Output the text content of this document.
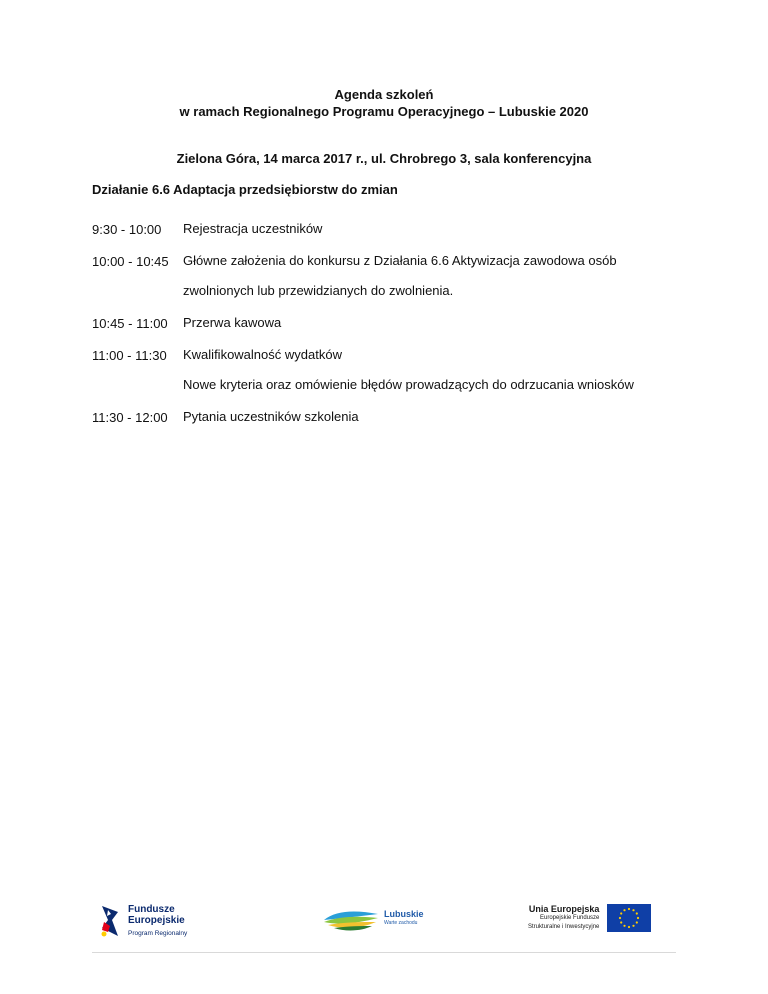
Agenda szkoleń
w ramach Regionalnego Programu Operacyjnego – Lubuskie 2020
Zielona Góra, 14 marca 2017 r., ul. Chrobrego 3, sala konferencyjna
Działanie 6.6 Adaptacja przedsiębiorstw do zmian
9:30 - 10:00	Rejestracja uczestników
10:00 - 10:45	Główne założenia do konkursu z Działania 6.6 Aktywizacja zawodowa osób
zwolnionych lub przewidzianych do zwolnienia.
10:45 - 11:00	Przerwa kawowa
11:00 - 11:30	Kwalifikowalność wydatków
Nowe kryteria oraz omówienie błędów prowadzących do odrzucania wniosków
11:30 - 12:00	Pytania uczestników szkolenia
Fundusze
Europejskie
Program Regionalny
Lubuskie
Warte zachodu
Unia Europejska
Europejskie Fundusze
Strukturalne i Inwestycyjne
